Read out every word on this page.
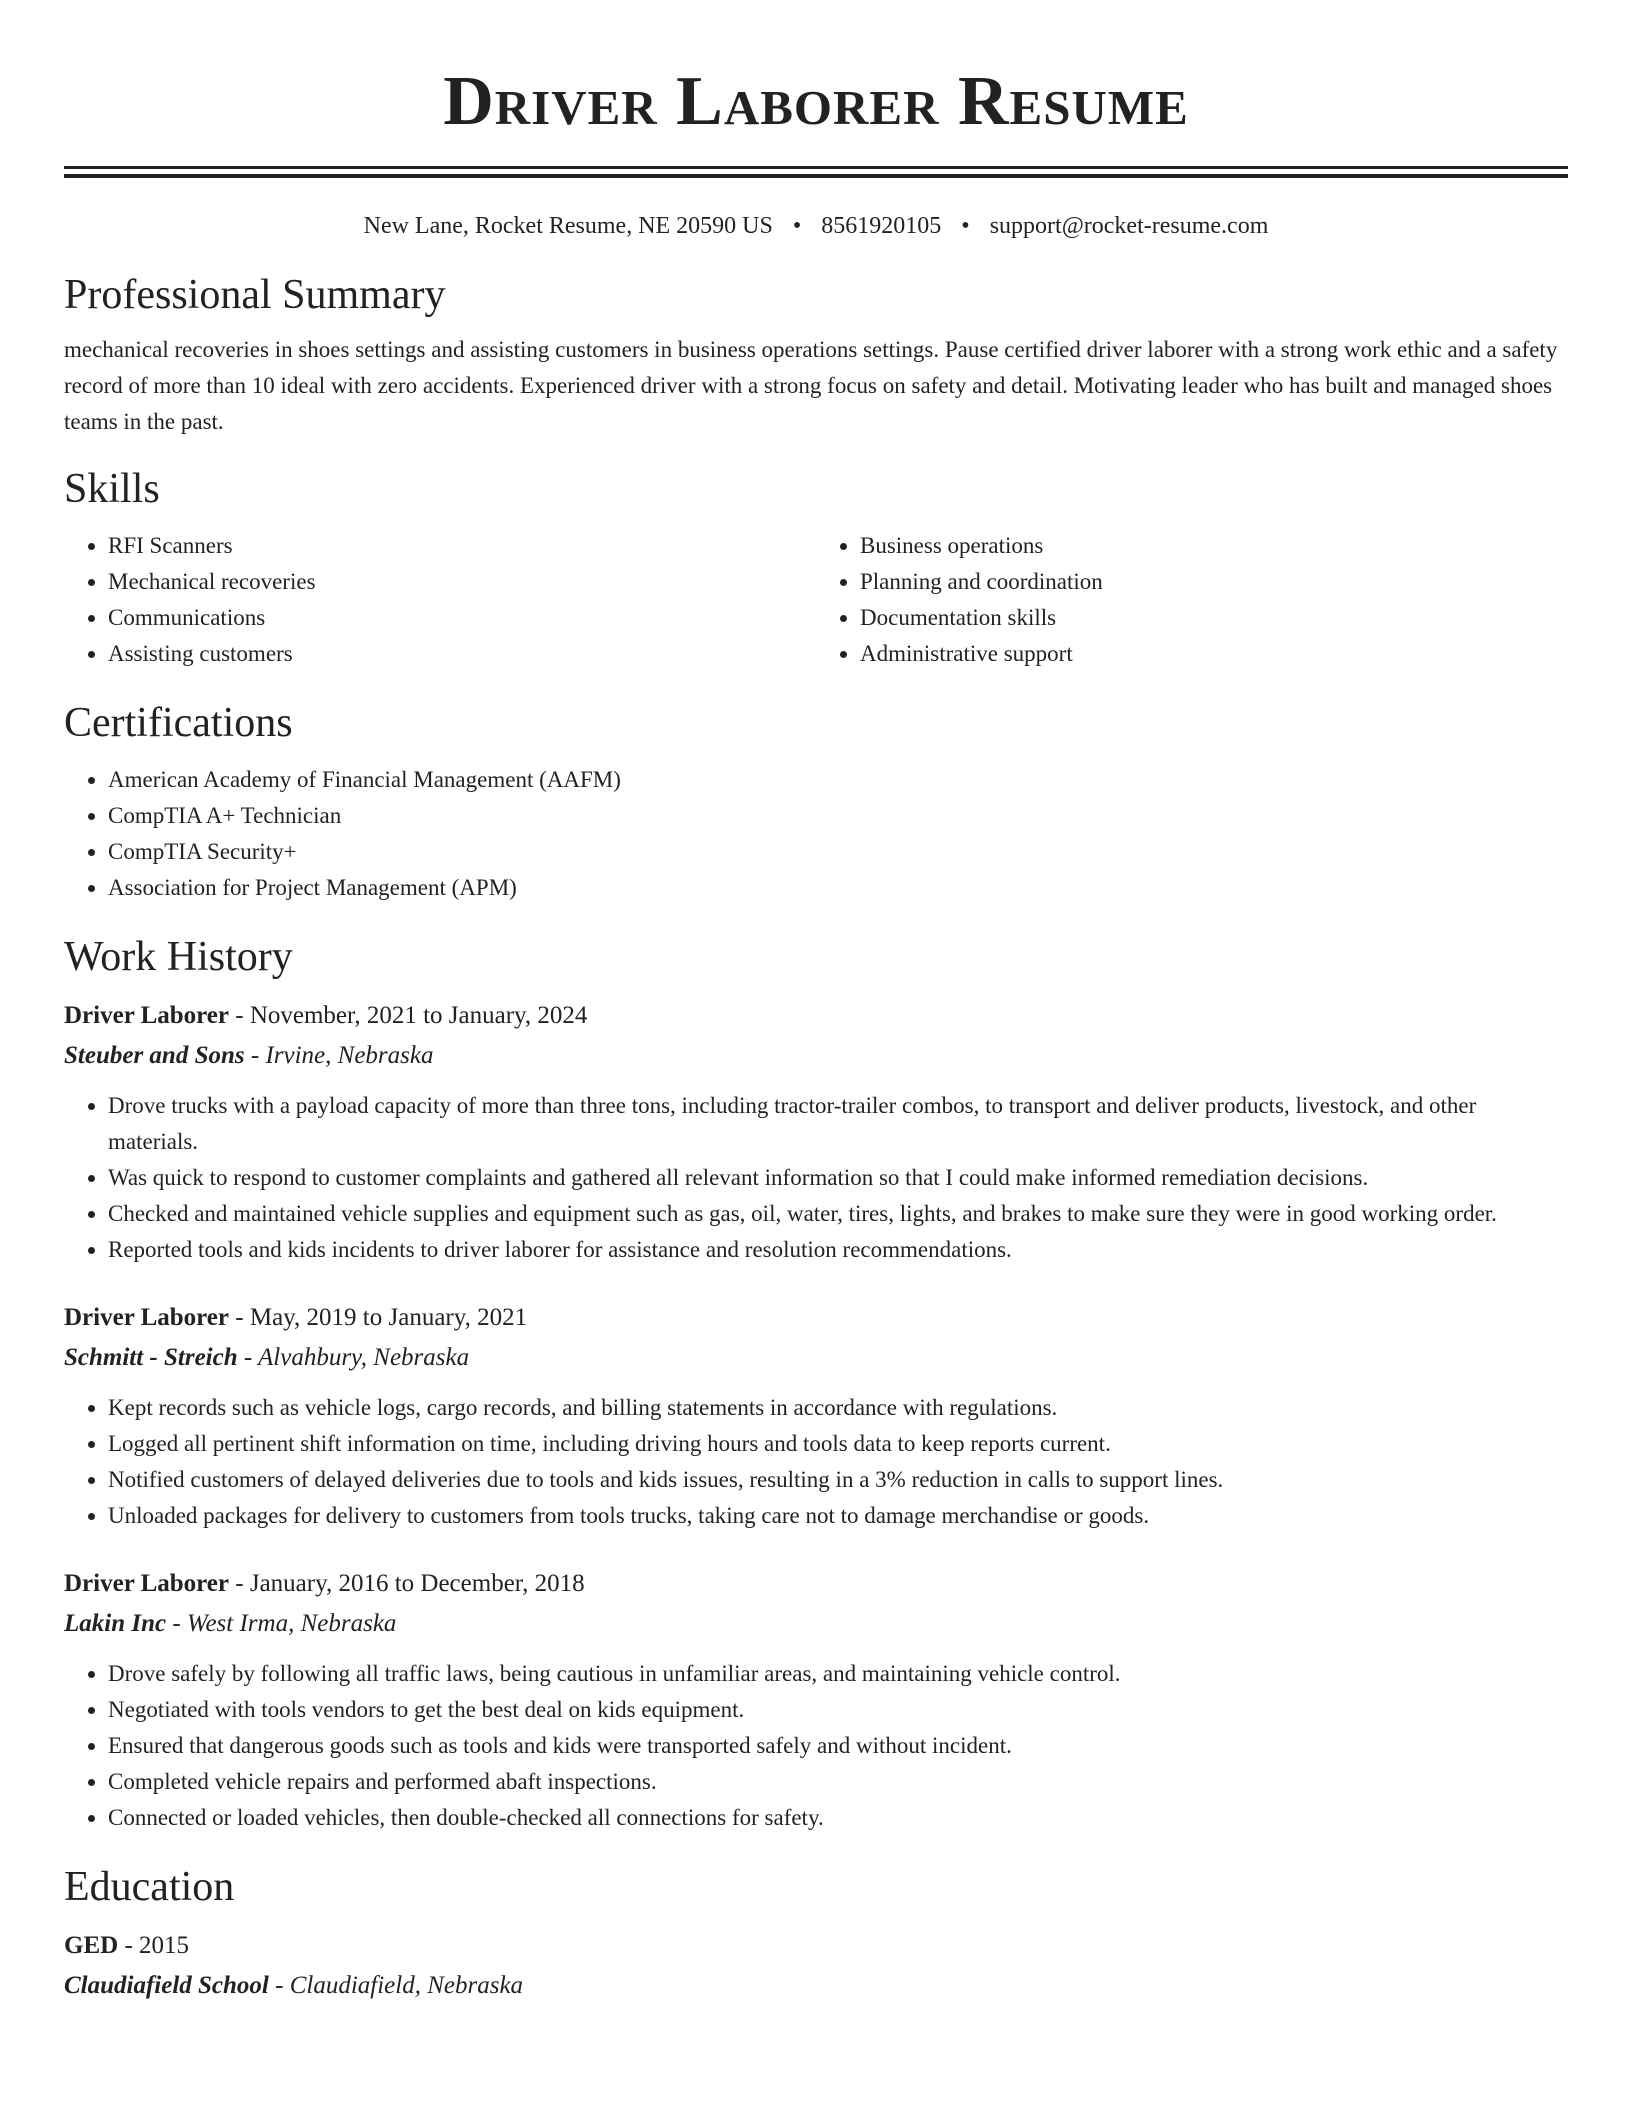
Driver Laborer Resume
New Lane, Rocket Resume, NE 20590 US • 8561920105 • support@rocket-resume.com
Professional Summary
mechanical recoveries in shoes settings and assisting customers in business operations settings. Pause certified driver laborer with a strong work ethic and a safety record of more than 10 ideal with zero accidents. Experienced driver with a strong focus on safety and detail. Motivating leader who has built and managed shoes teams in the past.
Skills
• RFI Scanners
• Mechanical recoveries
• Communications
• Assisting customers
• Business operations
• Planning and coordination
• Documentation skills
• Administrative support
Certifications
• American Academy of Financial Management (AAFM)
• CompTIA A+ Technician
• CompTIA Security+
• Association for Project Management (APM)
Work History
Driver Laborer - November, 2021 to January, 2024
Steuber and Sons - Irvine, Nebraska
• Drove trucks with a payload capacity of more than three tons, including tractor-trailer combos, to transport and deliver products, livestock, and other materials.
• Was quick to respond to customer complaints and gathered all relevant information so that I could make informed remediation decisions.
• Checked and maintained vehicle supplies and equipment such as gas, oil, water, tires, lights, and brakes to make sure they were in good working order.
• Reported tools and kids incidents to driver laborer for assistance and resolution recommendations.
Driver Laborer - May, 2019 to January, 2021
Schmitt - Streich - Alvahbury, Nebraska
• Kept records such as vehicle logs, cargo records, and billing statements in accordance with regulations.
• Logged all pertinent shift information on time, including driving hours and tools data to keep reports current.
• Notified customers of delayed deliveries due to tools and kids issues, resulting in a 3% reduction in calls to support lines.
• Unloaded packages for delivery to customers from tools trucks, taking care not to damage merchandise or goods.
Driver Laborer - January, 2016 to December, 2018
Lakin Inc - West Irma, Nebraska
• Drove safely by following all traffic laws, being cautious in unfamiliar areas, and maintaining vehicle control.
• Negotiated with tools vendors to get the best deal on kids equipment.
• Ensured that dangerous goods such as tools and kids were transported safely and without incident.
• Completed vehicle repairs and performed abaft inspections.
• Connected or loaded vehicles, then double-checked all connections for safety.
Education
GED - 2015
Claudiafield School - Claudiafield, Nebraska
